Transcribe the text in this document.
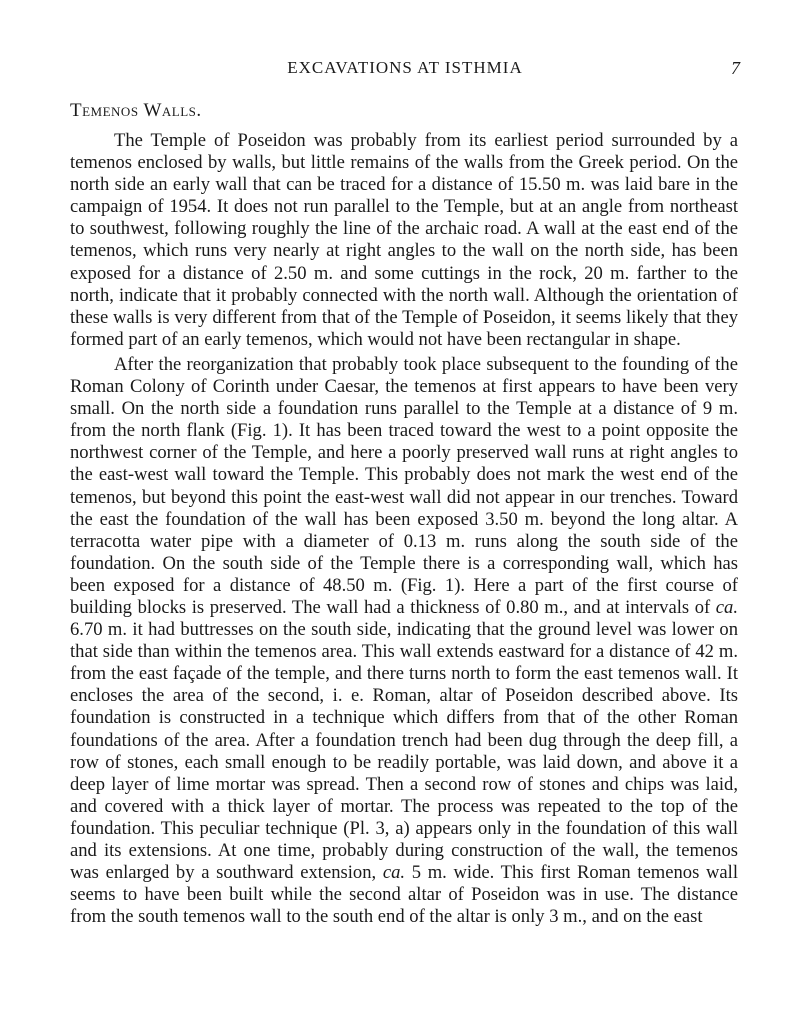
EXCAVATIONS AT ISTHMIA	7
Temenos Walls.

The Temple of Poseidon was probably from its earliest period surrounded by a temenos enclosed by walls, but little remains of the walls from the Greek period. On the north side an early wall that can be traced for a distance of 15.50 m. was laid bare in the campaign of 1954. It does not run parallel to the Temple, but at an angle from northeast to southwest, following roughly the line of the archaic road. A wall at the east end of the temenos, which runs very nearly at right angles to the wall on the north side, has been exposed for a distance of 2.50 m. and some cuttings in the rock, 20 m. farther to the north, indicate that it probably connected with the north wall. Although the orientation of these walls is very different from that of the Temple of Poseidon, it seems likely that they formed part of an early temenos, which would not have been rectangular in shape.

After the reorganization that probably took place subsequent to the founding of the Roman Colony of Corinth under Caesar, the temenos at first appears to have been very small. On the north side a foundation runs parallel to the Temple at a distance of 9 m. from the north flank (Fig. 1). It has been traced toward the west to a point opposite the northwest corner of the Temple, and here a poorly preserved wall runs at right angles to the east-west wall toward the Temple. This probably does not mark the west end of the temenos, but beyond this point the east-west wall did not appear in our trenches. Toward the east the foundation of the wall has been exposed 3.50 m. beyond the long altar. A terracotta water pipe with a diameter of 0.13 m. runs along the south side of the foundation. On the south side of the Temple there is a corresponding wall, which has been exposed for a distance of 48.50 m. (Fig. 1). Here a part of the first course of building blocks is preserved. The wall had a thickness of 0.80 m., and at intervals of ca. 6.70 m. it had buttresses on the south side, indicating that the ground level was lower on that side than within the temenos area. This wall extends eastward for a distance of 42 m. from the east façade of the temple, and there turns north to form the east temenos wall. It encloses the area of the second, i. e. Roman, altar of Poseidon described above. Its foundation is constructed in a technique which differs from that of the other Roman foundations of the area. After a foundation trench had been dug through the deep fill, a row of stones, each small enough to be readily portable, was laid down, and above it a deep layer of lime mortar was spread. Then a second row of stones and chips was laid, and covered with a thick layer of mortar. The process was repeated to the top of the foundation. This peculiar technique (Pl. 3, a) appears only in the foundation of this wall and its extensions. At one time, probably during construction of the wall, the temenos was enlarged by a southward extension, ca. 5 m. wide. This first Roman temenos wall seems to have been built while the second altar of Poseidon was in use. The distance from the south temenos wall to the south end of the altar is only 3 m., and on the east
